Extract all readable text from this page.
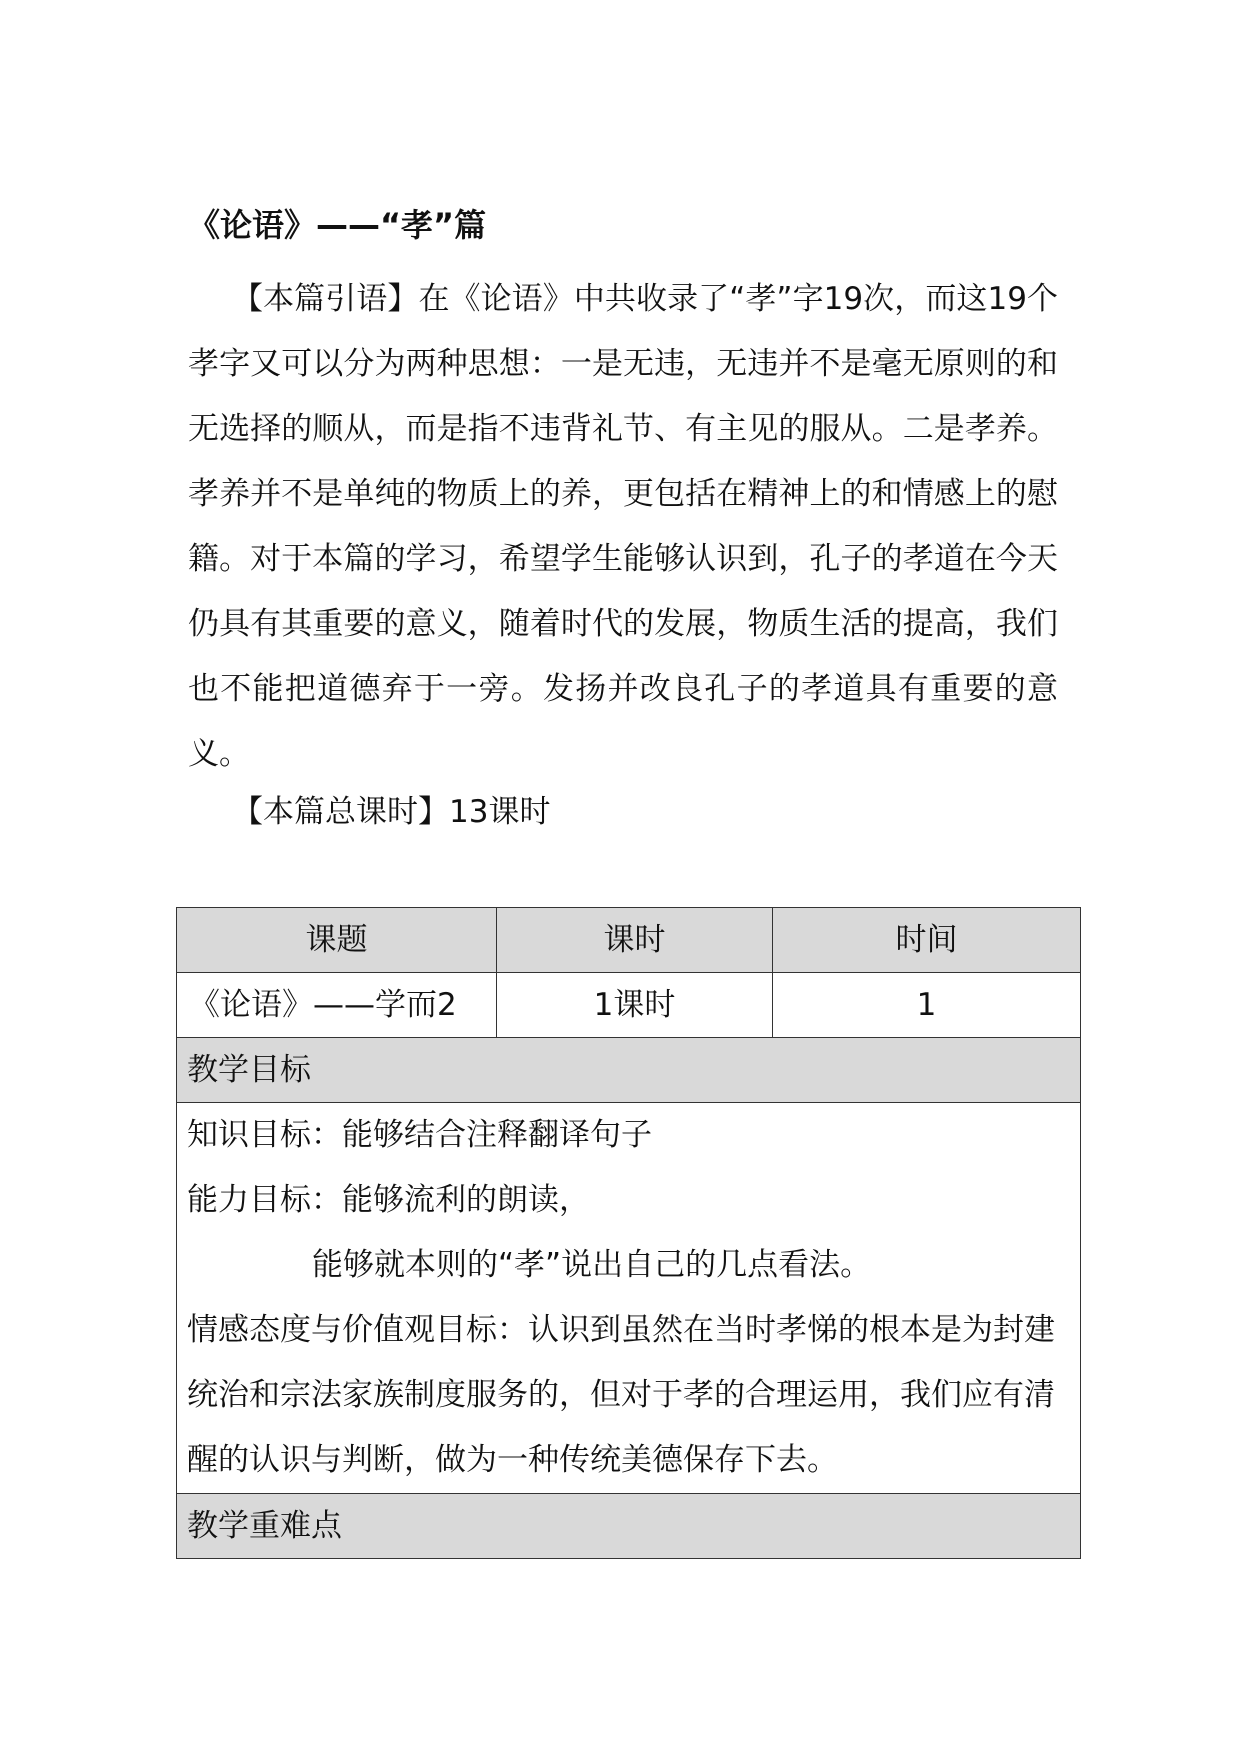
《论语》——“孝”篇

【本篇引语】在《论语》中共收录了“孝”字19次，而这19个孝字又可以分为两种思想：一是无违，无违并不是毫无原则的和无选择的顺从，而是指不违背礼节、有主见的服从。二是孝养。孝养并不是单纯的物质上的养，更包括在精神上的和情感上的慰籍。对于本篇的学习，希望学生能够认识到，孔子的孝道在今天仍具有其重要的意义，随着时代的发展，物质生活的提高，我们也不能把道德弃于一旁。发扬并改良孔子的孝道具有重要的意义。

【本篇总课时】13课时

课题	课时	时间
《论语》——学而2	1课时	1
教学目标		

知识目标：能够结合注释翻译句子

能力目标：能够流利的朗读，

能够就本则的“孝”说出自己的几点看法。

情感态度与价值观目标：认识到虽然在当时孝悌的根本是为封建统治和宗法家族制度服务的，但对于孝的合理运用，我们应有清醒的认识与判断，做为一种传统美德保存下去。		

教学重难点		
